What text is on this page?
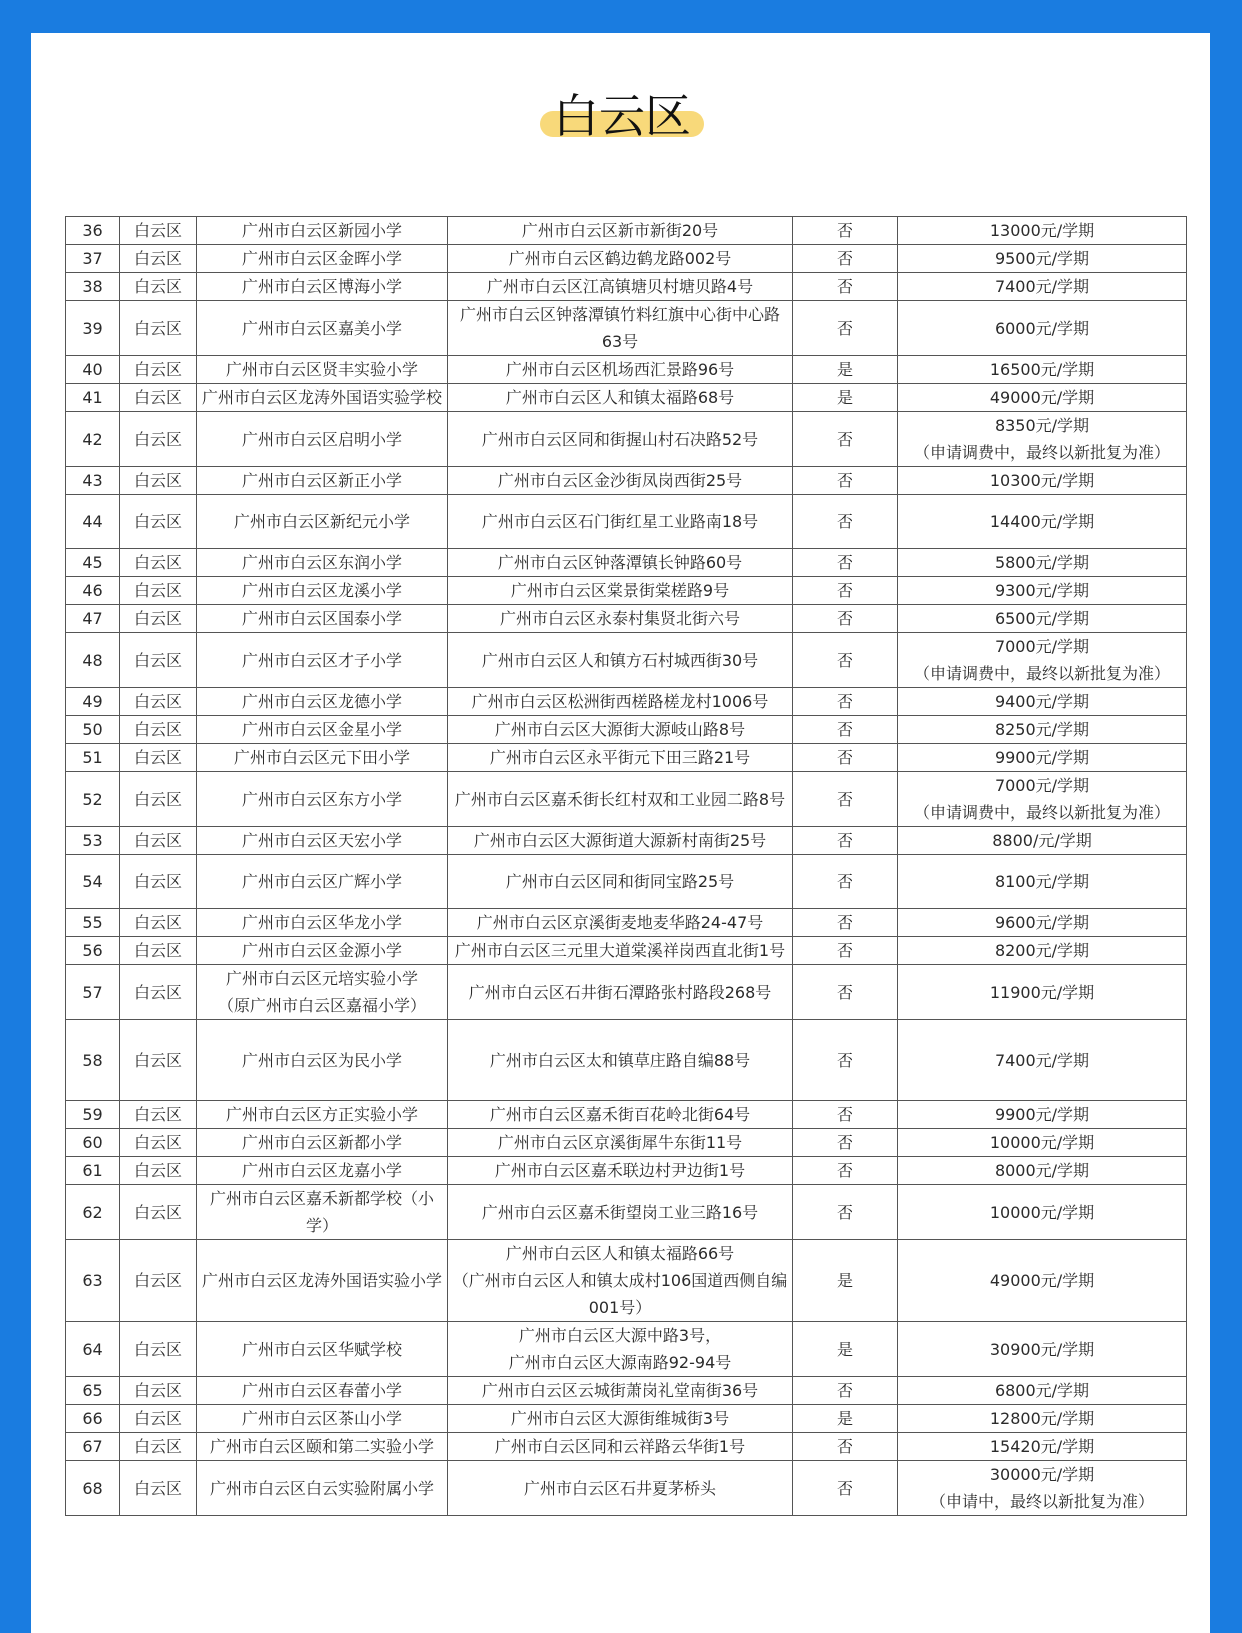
白云区
36	白云区	广州市白云区新园小学	广州市白云区新市新街20号	否	13000元/学期
37	白云区	广州市白云区金晖小学	广州市白云区鹤边鹤龙路002号	否	9500元/学期
38	白云区	广州市白云区博海小学	广州市白云区江高镇塘贝村塘贝路4号	否	7400元/学期
39	白云区	广州市白云区嘉美小学	广州市白云区钟落潭镇竹料红旗中心街中心路
63号	否	6000元/学期
40	白云区	广州市白云区贤丰实验小学	广州市白云区机场西汇景路96号	是	16500元/学期
41	白云区	广州市白云区龙涛外国语实验学校	广州市白云区人和镇太福路68号	是	49000元/学期
42	白云区	广州市白云区启明小学	广州市白云区同和街握山村石决路52号	否	8350元/学期
（申请调费中，最终以新批复为准）
43	白云区	广州市白云区新正小学	广州市白云区金沙街凤岗西街25号	否	10300元/学期
44	白云区	广州市白云区新纪元小学	广州市白云区石门街红星工业路南18号	否	14400元/学期
45	白云区	广州市白云区东润小学	广州市白云区钟落潭镇长钟路60号	否	5800元/学期
46	白云区	广州市白云区龙溪小学	广州市白云区棠景街棠槎路9号	否	9300元/学期
47	白云区	广州市白云区国泰小学	广州市白云区永泰村集贤北街六号	否	6500元/学期
48	白云区	广州市白云区才子小学	广州市白云区人和镇方石村城西街30号	否	7000元/学期
（申请调费中，最终以新批复为准）
49	白云区	广州市白云区龙德小学	广州市白云区松洲街西槎路槎龙村1006号	否	9400元/学期
50	白云区	广州市白云区金星小学	广州市白云区大源街大源岐山路8号	否	8250元/学期
51	白云区	广州市白云区元下田小学	广州市白云区永平街元下田三路21号	否	9900元/学期
52	白云区	广州市白云区东方小学	广州市白云区嘉禾街长红村双和工业园二路8号	否	7000元/学期
（申请调费中，最终以新批复为准）
53	白云区	广州市白云区天宏小学	广州市白云区大源街道大源新村南街25号	否	8800/元/学期
54	白云区	广州市白云区广辉小学	广州市白云区同和街同宝路25号	否	8100元/学期
55	白云区	广州市白云区华龙小学	广州市白云区京溪街麦地麦华路24-47号	否	9600元/学期
56	白云区	广州市白云区金源小学	广州市白云区三元里大道棠溪祥岗西直北街1号	否	8200元/学期
57	白云区	广州市白云区元培实验小学
（原广州市白云区嘉福小学）	广州市白云区石井街石潭路张村路段268号	否	11900元/学期
58	白云区	广州市白云区为民小学	广州市白云区太和镇草庄路自编88号	否	7400元/学期
59	白云区	广州市白云区方正实验小学	广州市白云区嘉禾街百花岭北街64号	否	9900元/学期
60	白云区	广州市白云区新都小学	广州市白云区京溪街犀牛东街11号	否	10000元/学期
61	白云区	广州市白云区龙嘉小学	广州市白云区嘉禾联边村尹边街1号	否	8000元/学期
62	白云区	广州市白云区嘉禾新都学校（小
学）	广州市白云区嘉禾街望岗工业三路16号	否	10000元/学期
63	白云区	广州市白云区龙涛外国语实验小学	广州市白云区人和镇太福路66号
（广州市白云区人和镇太成村106国道西侧自编
001号）	是	49000元/学期
64	白云区	广州市白云区华赋学校	广州市白云区大源中路3号，
广州市白云区大源南路92-94号	是	30900元/学期
65	白云区	广州市白云区春蕾小学	广州市白云区云城街萧岗礼堂南街36号	否	6800元/学期
66	白云区	广州市白云区茶山小学	广州市白云区大源街维城街3号	是	12800元/学期
67	白云区	广州市白云区颐和第二实验小学	广州市白云区同和云祥路云华街1号	否	15420元/学期
68	白云区	广州市白云区白云实验附属小学	广州市白云区石井夏茅桥头	否	30000元/学期
（申请中，最终以新批复为准）
